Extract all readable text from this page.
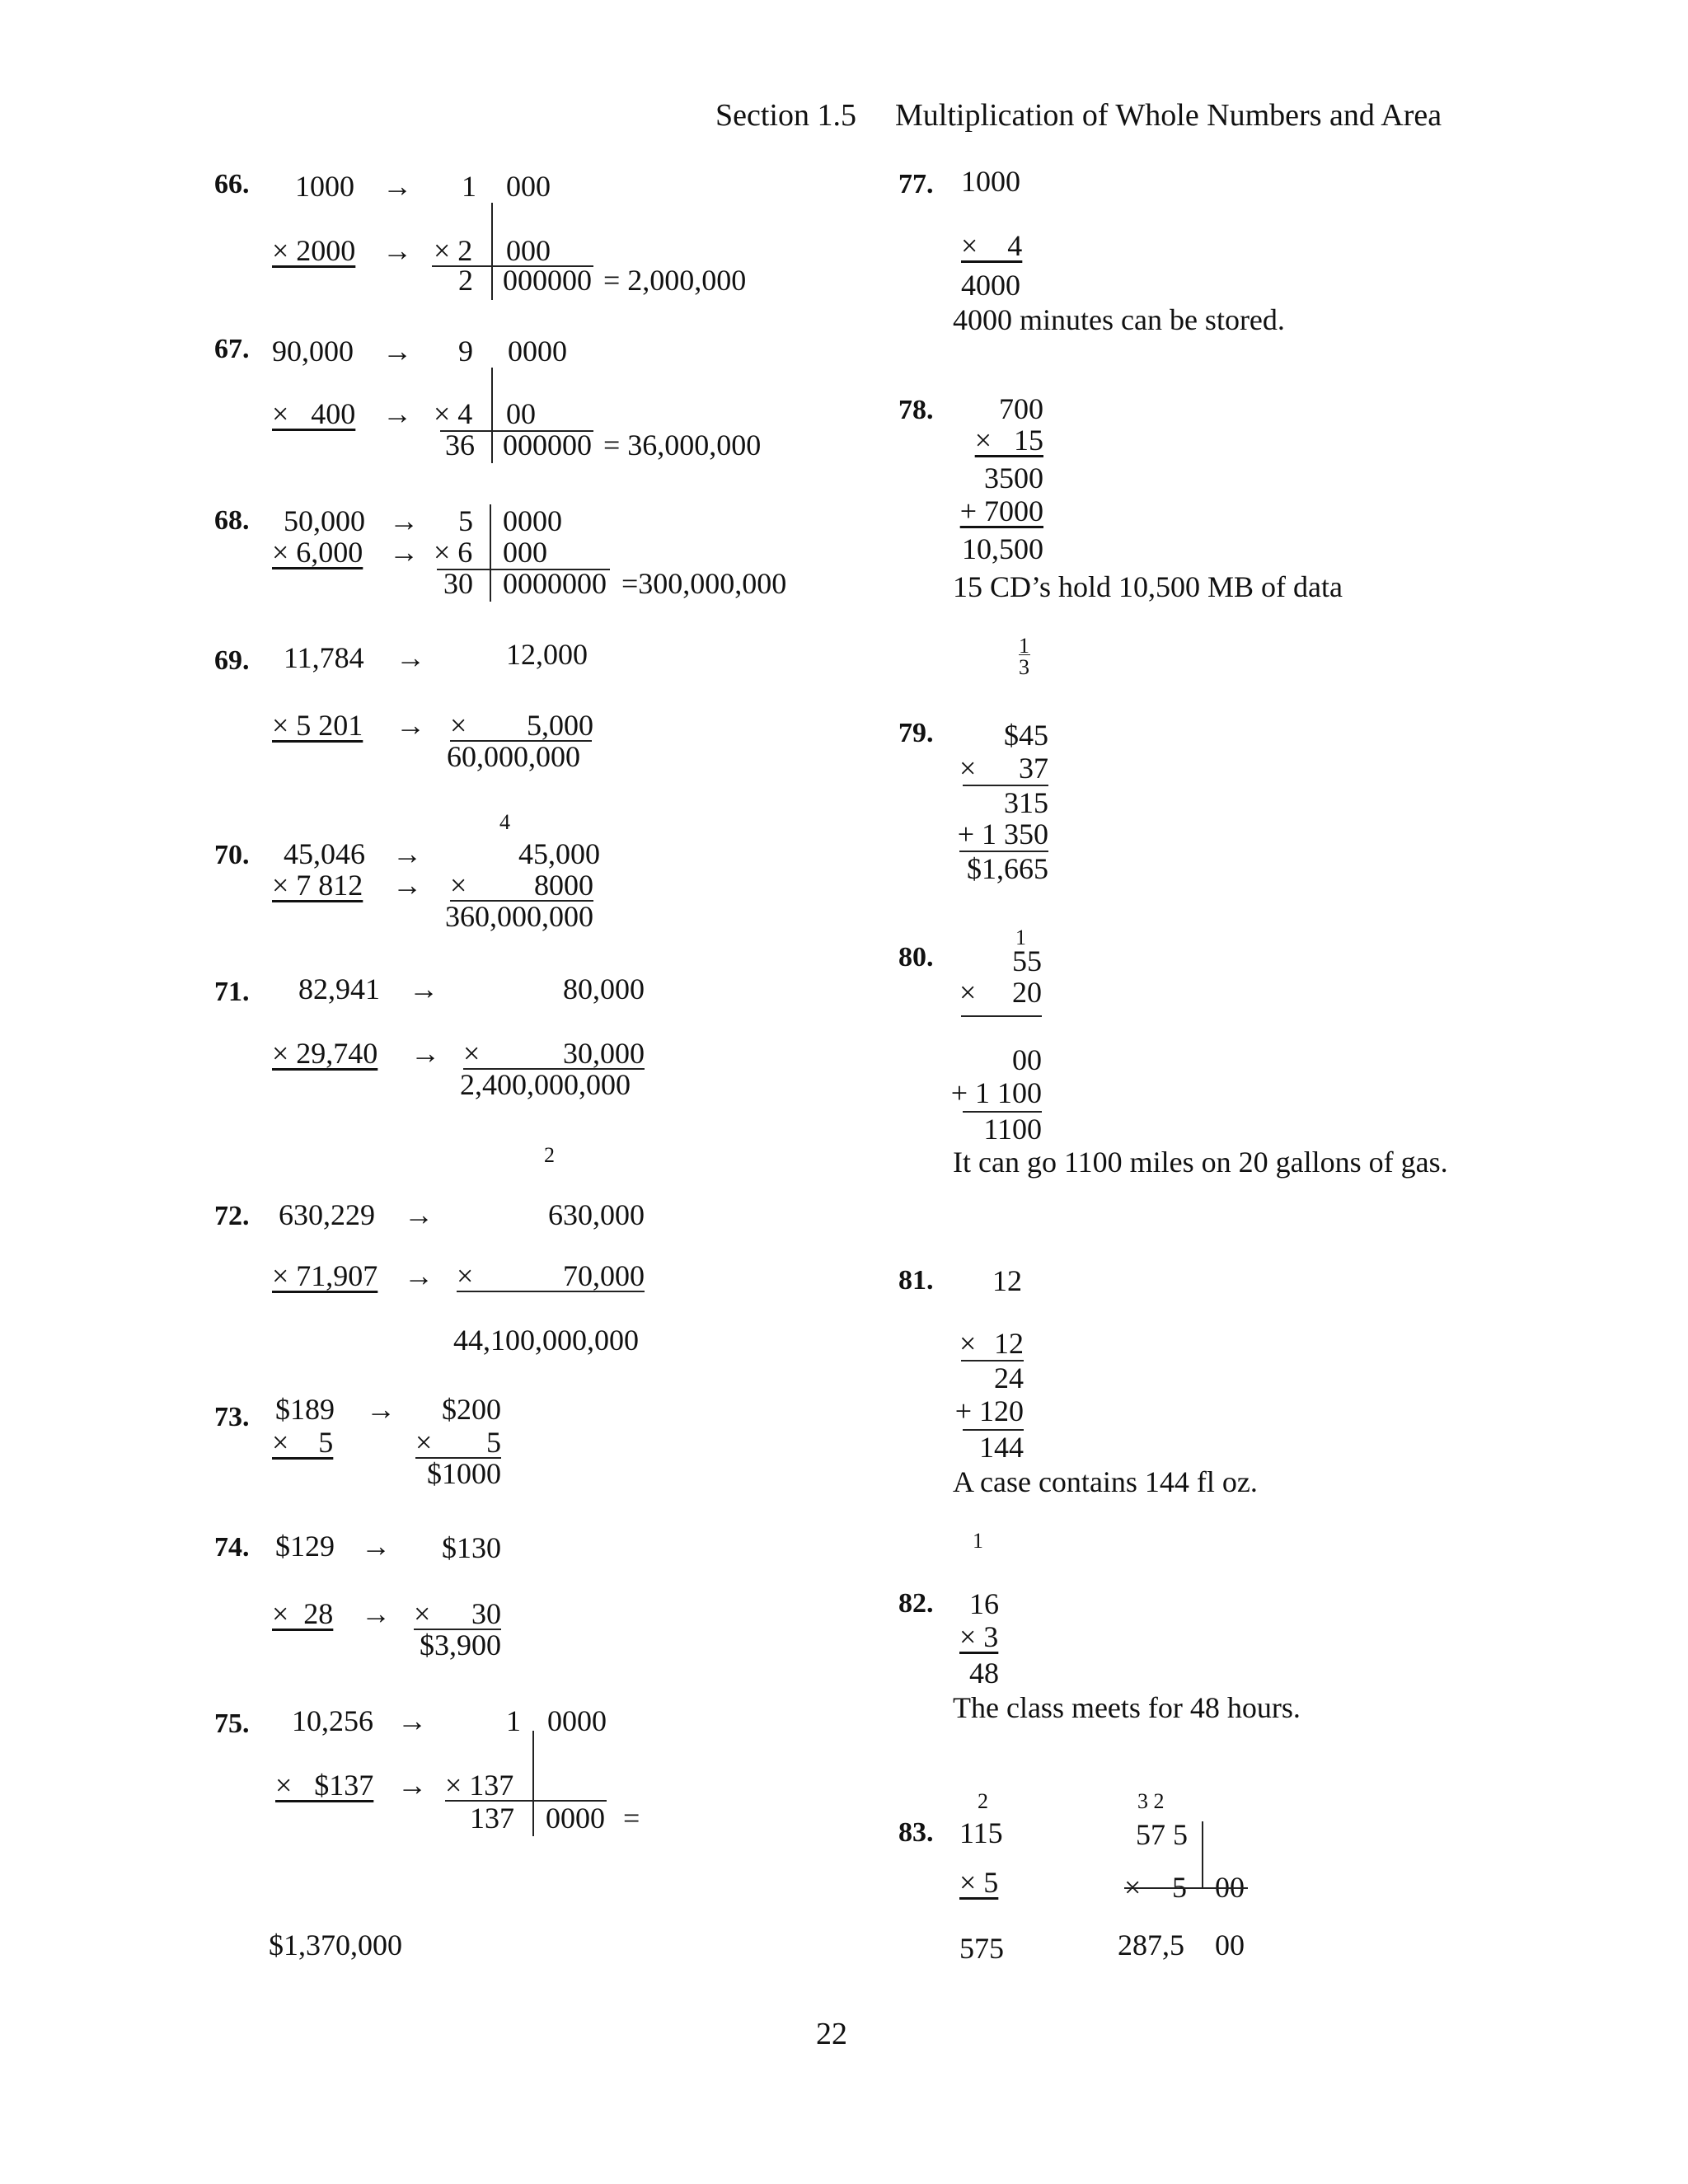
Section 1.5 Multiplication of Whole Numbers and Area
66. 1000 → 1 000
× 2000 → × 2 000
2 000000 = 2,000,000
67. 90,000 → 9 0000
×   400 → × 4 00
36 000000 = 36,000,000
68. 50,000 → 5 0000
× 6,000 → × 6 000
30 0000000 =300,000,000
69. 11,784 →	12,000
× 5 201 → ×	5,000
60,000,000
4
70. 45,046 →	45,000
× 7 812 → ×	8000
360,000,000
71. 82,941 →	80,000
× 29,740 → ×	30,000
2,400,000,000
2
72. 630,229 →	630,000
× 71,907 → ×	70,000
44,100,000,000
73. $189 →	$200
×    5	×	5
$1000
74. $129 →	$130
×  28 → ×	30
$3,900
75. 10,256 →	1 0000
×   $137 → × 137
137 0000 =
$1,370,000
77. 1000
×    4
4000
4000 minutes can be stored.
78.	700
×   15
3500
+ 7000
10,500
15 CD’s hold 10,500 MB of data
1
3
79.	$45
×	37
315
+ 1 350
$1,665
1
80.	55
×	20
00
+ 1 100
1100
It can go 1100 miles on 20 gallons of gas.
81. 12
× 12
24
+ 120
144
A case contains 144 fl oz.
1
82. 16
× 3
48
The class meets for 48 hours.
2
83. 115
× 5
575
3 2
57 5
× 5 00
287,5 00
22
